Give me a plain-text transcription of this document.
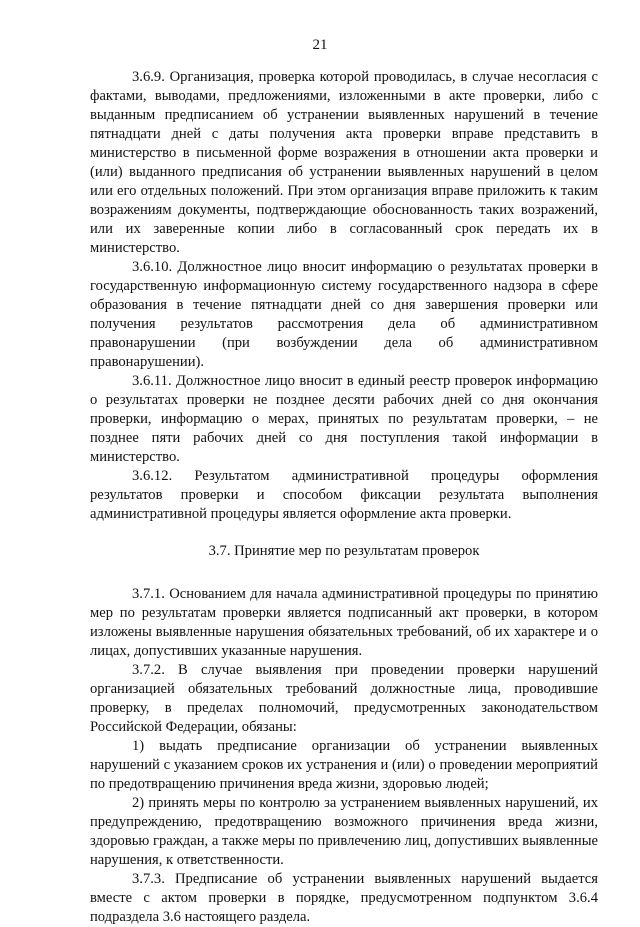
21

3.6.9. Организация, проверка которой проводилась, в случае несогласия с фактами, выводами, предложениями, изложенными в акте проверки, либо с выданным предписанием об устранении выявленных нарушений в течение пятнадцати дней с даты получения акта проверки вправе представить в министерство в письменной форме возражения в отношении акта проверки и (или) выданного предписания об устранении выявленных нарушений в целом или его отдельных положений. При этом организация вправе приложить к таким возражениям документы, подтверждающие обоснованность таких возражений, или их заверенные копии либо в согласованный срок передать их в министерство.

3.6.10. Должностное лицо вносит информацию о результатах проверки в государственную информационную систему государственного надзора в сфере образования в течение пятнадцати дней со дня завершения проверки или получения результатов рассмотрения дела об административном правонарушении (при возбуждении дела об административном правонарушении).

3.6.11. Должностное лицо вносит в единый реестр проверок информацию о результатах проверки не позднее десяти рабочих дней со дня окончания проверки, информацию о мерах, принятых по результатам проверки, – не позднее пяти рабочих дней со дня поступления такой информации в министерство.

3.6.12. Результатом административной процедуры оформления результатов проверки и способом фиксации результата выполнения административной процедуры является оформление акта проверки.

3.7. Принятие мер по результатам проверок

3.7.1. Основанием для начала административной процедуры по принятию мер по результатам проверки является подписанный акт проверки, в котором изложены выявленные нарушения обязательных требований, об их характере и о лицах, допустивших указанные нарушения.

3.7.2. В случае выявления при проведении проверки нарушений организацией обязательных требований должностные лица, проводившие проверку, в пределах полномочий, предусмотренных законодательством Российской Федерации, обязаны:

1) выдать предписание организации об устранении выявленных нарушений с указанием сроков их устранения и (или) о проведении мероприятий по предотвращению причинения вреда жизни, здоровью людей;

2) принять меры по контролю за устранением выявленных нарушений, их предупреждению, предотвращению возможного причинения вреда жизни, здоровью граждан, а также меры по привлечению лиц, допустивших выявленные нарушения, к ответственности.

3.7.3. Предписание об устранении выявленных нарушений выдается вместе с актом проверки в порядке, предусмотренном подпунктом 3.6.4 подраздела 3.6 настоящего раздела.
